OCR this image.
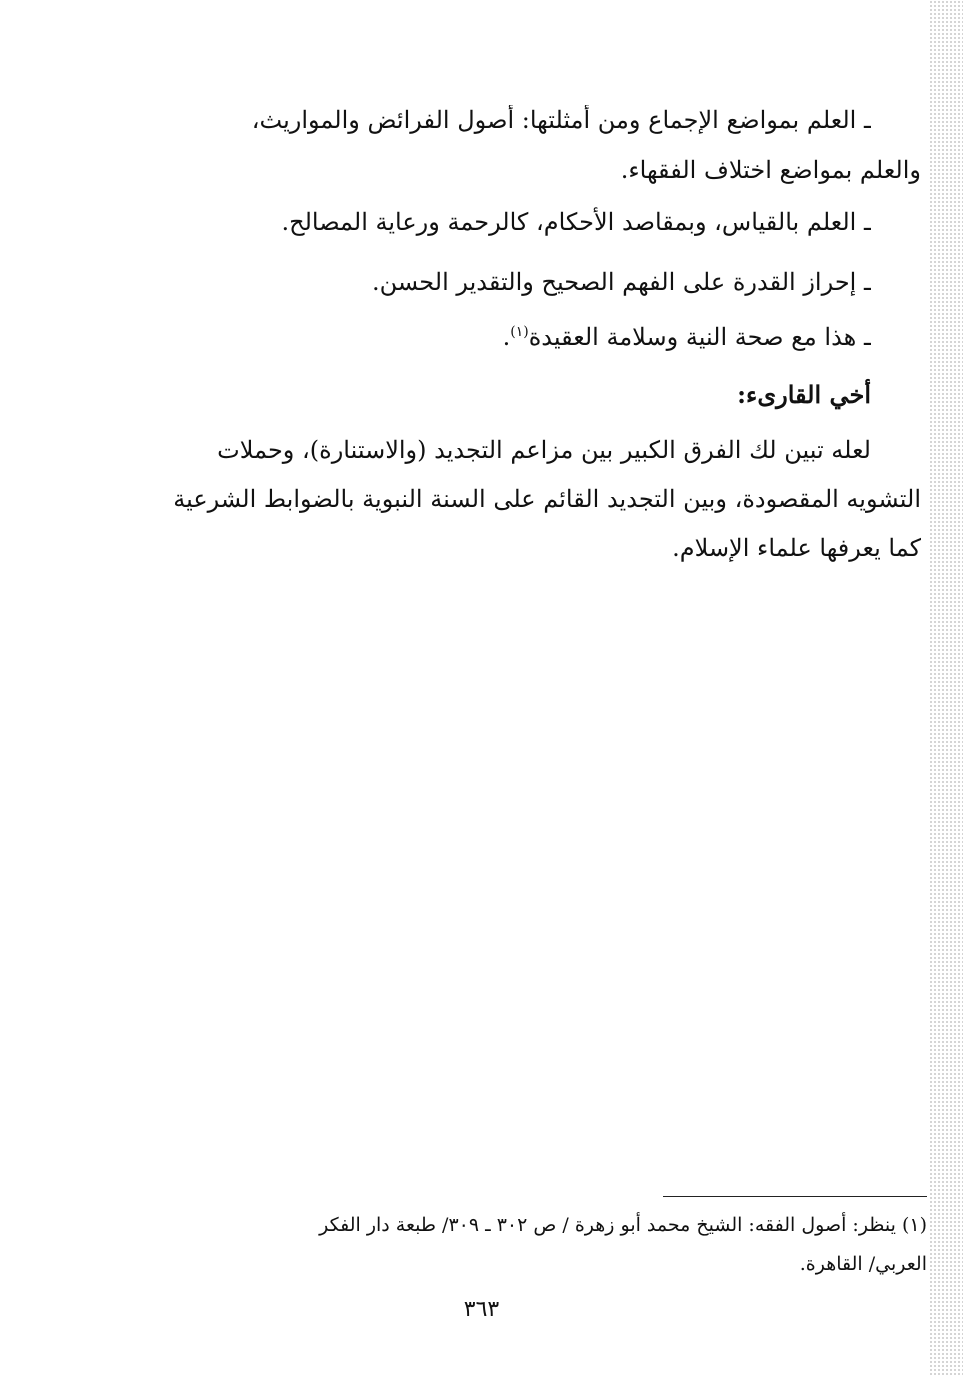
ـ العلم بمواضع الإجماع ومن أمثلتها: أصول الفرائض والمواريث،
والعلم بمواضع اختلاف الفقهاء.
ـ العلم بالقياس، وبمقاصد الأحكام، كالرحمة ورعاية المصالح.
ـ إحراز القدرة على الفهم الصحيح والتقدير الحسن.
ـ هذا مع صحة النية وسلامة العقيدة$^{(١)}$.
أخي القارىء:
لعله تبين لك الفرق الكبير بين مزاعم التجديد (والاستنارة)، وحملات
التشويه المقصودة، وبين التجديد القائم على السنة النبوية بالضوابط الشرعية
كما يعرفها علماء الإسلام.
(١) ينظر: أصول الفقه: الشيخ محمد أبو زهرة / ص ٣٠٢ ـ ٣٠٩/ طبعة دار الفكر
العربي/ القاهرة.
٣٦٣
